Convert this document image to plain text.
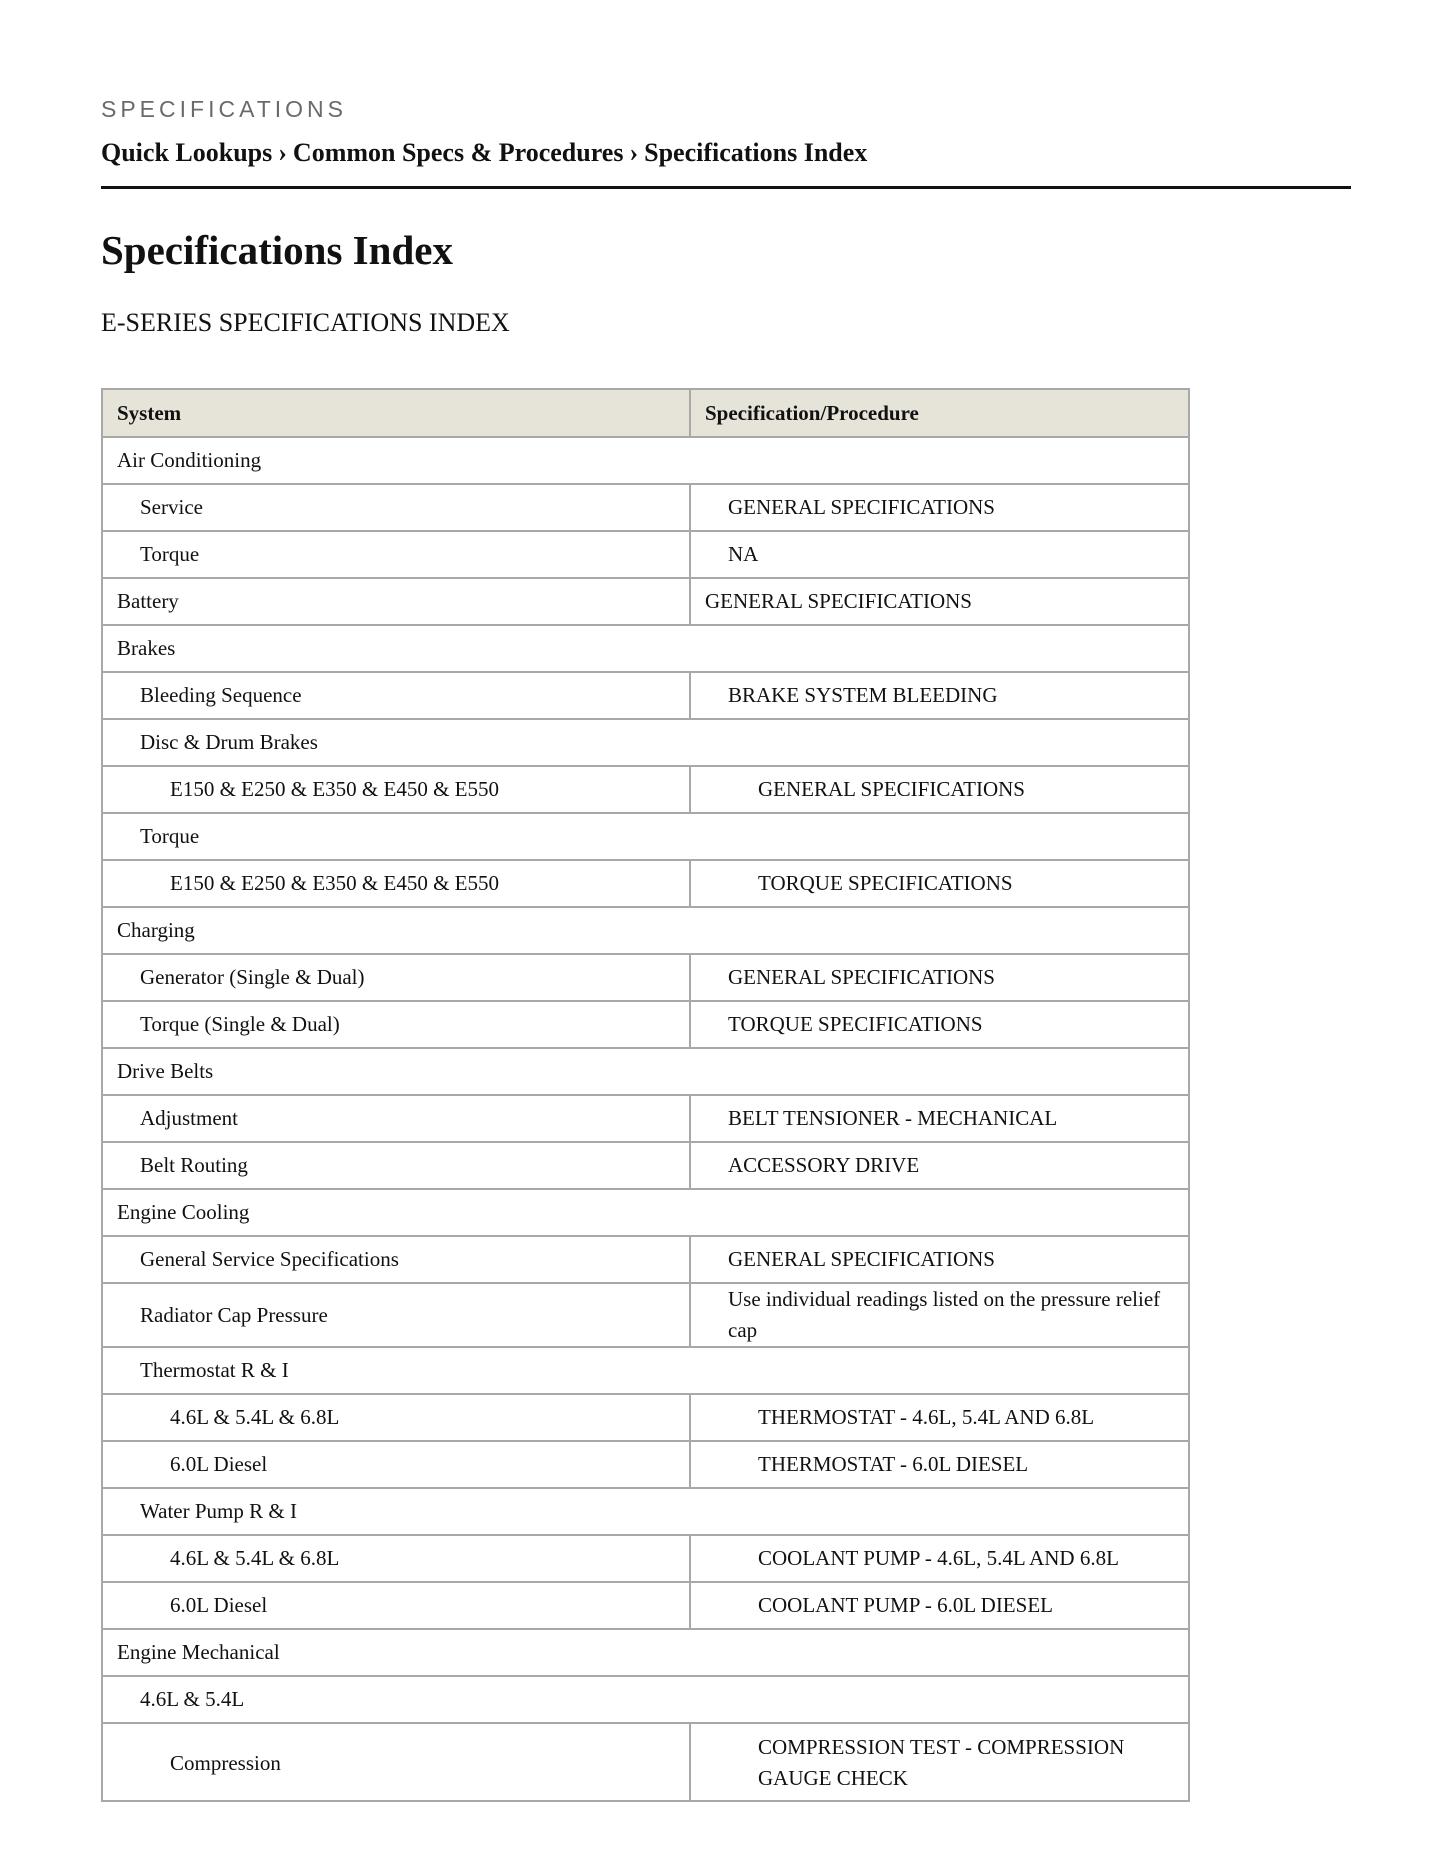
SPECIFICATIONS
Quick Lookups › Common Specs & Procedures › Specifications Index
Specifications Index
E-SERIES SPECIFICATIONS INDEX
System	Specification/Procedure
Air Conditioning	
Service	GENERAL SPECIFICATIONS
Torque	NA
Battery	GENERAL SPECIFICATIONS
Brakes	
Bleeding Sequence	BRAKE SYSTEM BLEEDING
Disc & Drum Brakes	
E150 & E250 & E350 & E450 & E550	GENERAL SPECIFICATIONS
Torque	
E150 & E250 & E350 & E450 & E550	TORQUE SPECIFICATIONS
Charging	
Generator (Single & Dual)	GENERAL SPECIFICATIONS
Torque (Single & Dual)	TORQUE SPECIFICATIONS
Drive Belts	
Adjustment	BELT TENSIONER - MECHANICAL
Belt Routing	ACCESSORY DRIVE
Engine Cooling	
General Service Specifications	GENERAL SPECIFICATIONS
Radiator Cap Pressure	Use individual readings listed on the pressure relief cap
Thermostat R & I	
4.6L & 5.4L & 6.8L	THERMOSTAT - 4.6L, 5.4L AND 6.8L
6.0L Diesel	THERMOSTAT - 6.0L DIESEL
Water Pump R & I	
4.6L & 5.4L & 6.8L	COOLANT PUMP - 4.6L, 5.4L AND 6.8L
6.0L Diesel	COOLANT PUMP - 6.0L DIESEL
Engine Mechanical	
4.6L & 5.4L	
Compression	COMPRESSION TEST - COMPRESSION GAUGE CHECK
